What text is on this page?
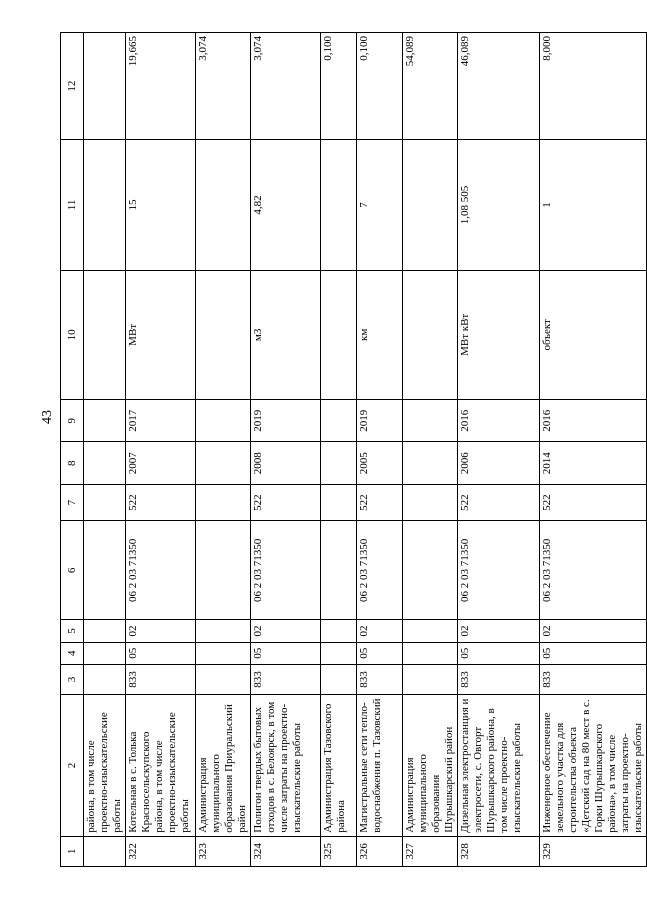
43
1	2	3	4	5	6	7	8	9	10	11	12
	района, в том числе проектно-изыскательские работы										
322	Котельная в с. Толька Красносельскупского района, в том числе проектно-изыскательские работы	833	05	02	06 2 03 71350	522	2007	2017	МВт	15	19,665
323	Администрация муниципального образования Приуральский район										3,074
324	Полигон твердых бытовых отходов в с. Белоярск, в том числе затраты на проектно-изыскательские работы	833	05	02	06 2 03 71350	522	2008	2019	м3	4,82	3,074
325	Администрация Тазовского района										0,100
326	Магистральные сети тепло-водоснабжения п. Тазовский	833	05	02	06 2 03 71350	522	2005	2019	км	7	0,100
327	Администрация муниципального образования Шурышкарский район										54,089
328	Дизельная электростанция и электросети, с. Овгорт Шурышкарского района, в том числе проектно-изыскательские работы	833	05	02	06 2 03 71350	522	2006	2016	МВт кВт	1,08 505	46,089
329	Инженерное обеспечение земельного участка для строительства объекта «Детский сад на 80 мест в с. Горки Шурышкарского района», в том числе затраты на проектно-изыскательские работы	833	05	02	06 2 03 71350	522	2014	2016	объект	1	8,000
